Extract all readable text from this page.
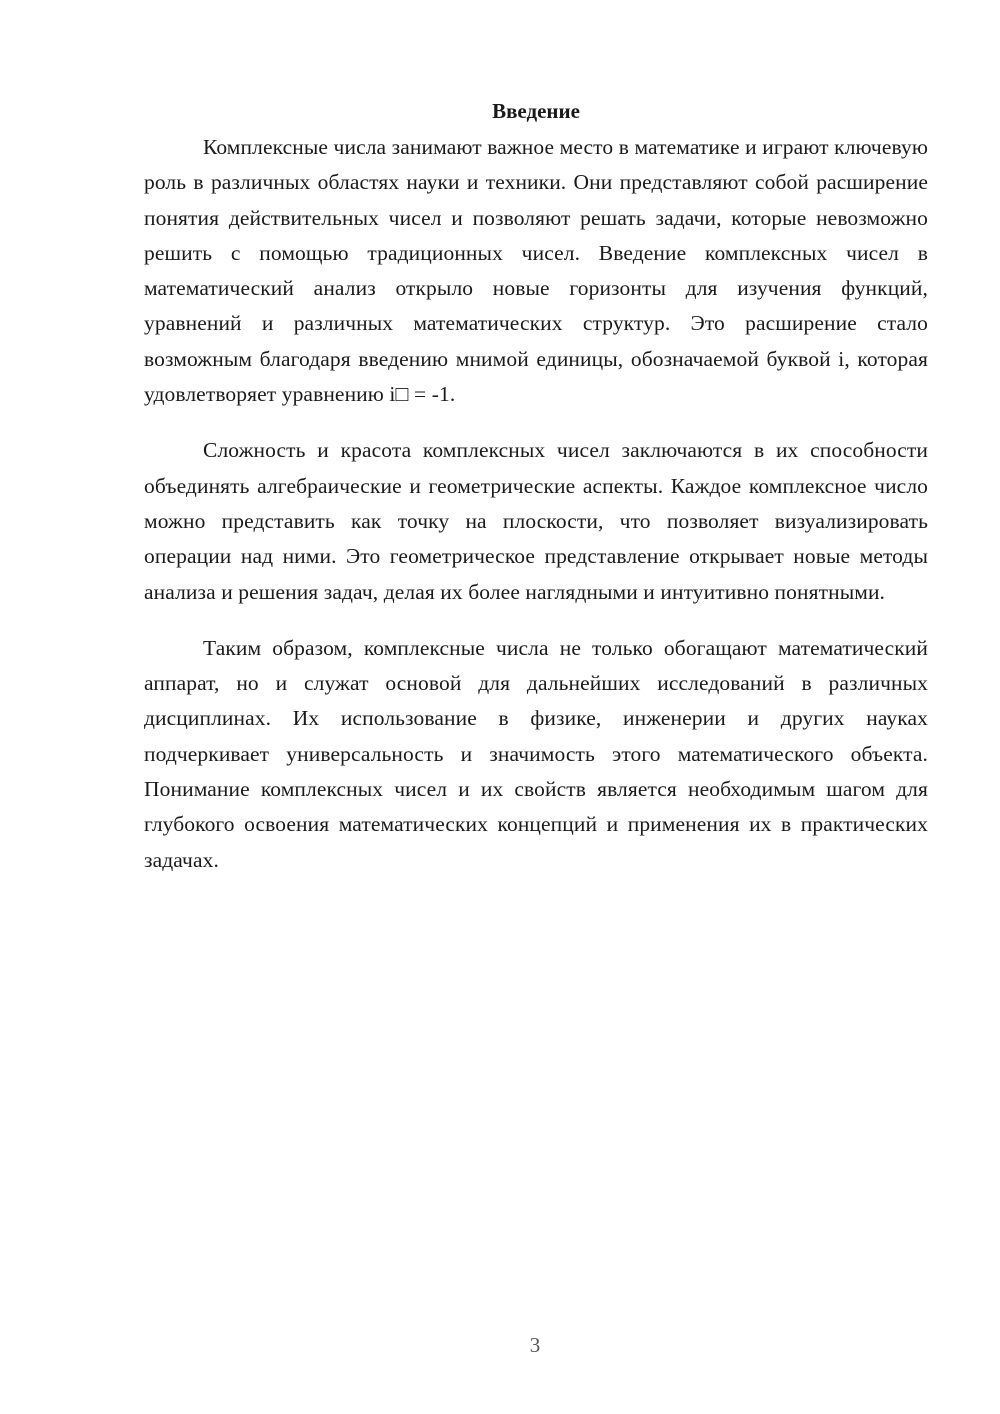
Введение

Комплексные числа занимают важное место в математике и играют ключевую роль в различных областях науки и техники. Они представляют собой расширение понятия действительных чисел и позволяют решать задачи, которые невозможно решить с помощью традиционных чисел. Введение комплексных чисел в математический анализ открыло новые горизонты для изучения функций, уравнений и различных математических структур. Это расширение стало возможным благодаря введению мнимой единицы, обозначаемой буквой i, которая удовлетворяет уравнению i□ = -1.

Сложность и красота комплексных чисел заключаются в их способности объединять алгебраические и геометрические аспекты. Каждое комплексное число можно представить как точку на плоскости, что позволяет визуализировать операции над ними. Это геометрическое представление открывает новые методы анализа и решения задач, делая их более наглядными и интуитивно понятными.

Таким образом, комплексные числа не только обогащают математический аппарат, но и служат основой для дальнейших исследований в различных дисциплинах. Их использование в физике, инженерии и других науках подчеркивает универсальность и значимость этого математического объекта. Понимание комплексных чисел и их свойств является необходимым шагом для глубокого освоения математических концепций и применения их в практических задачах.

3
